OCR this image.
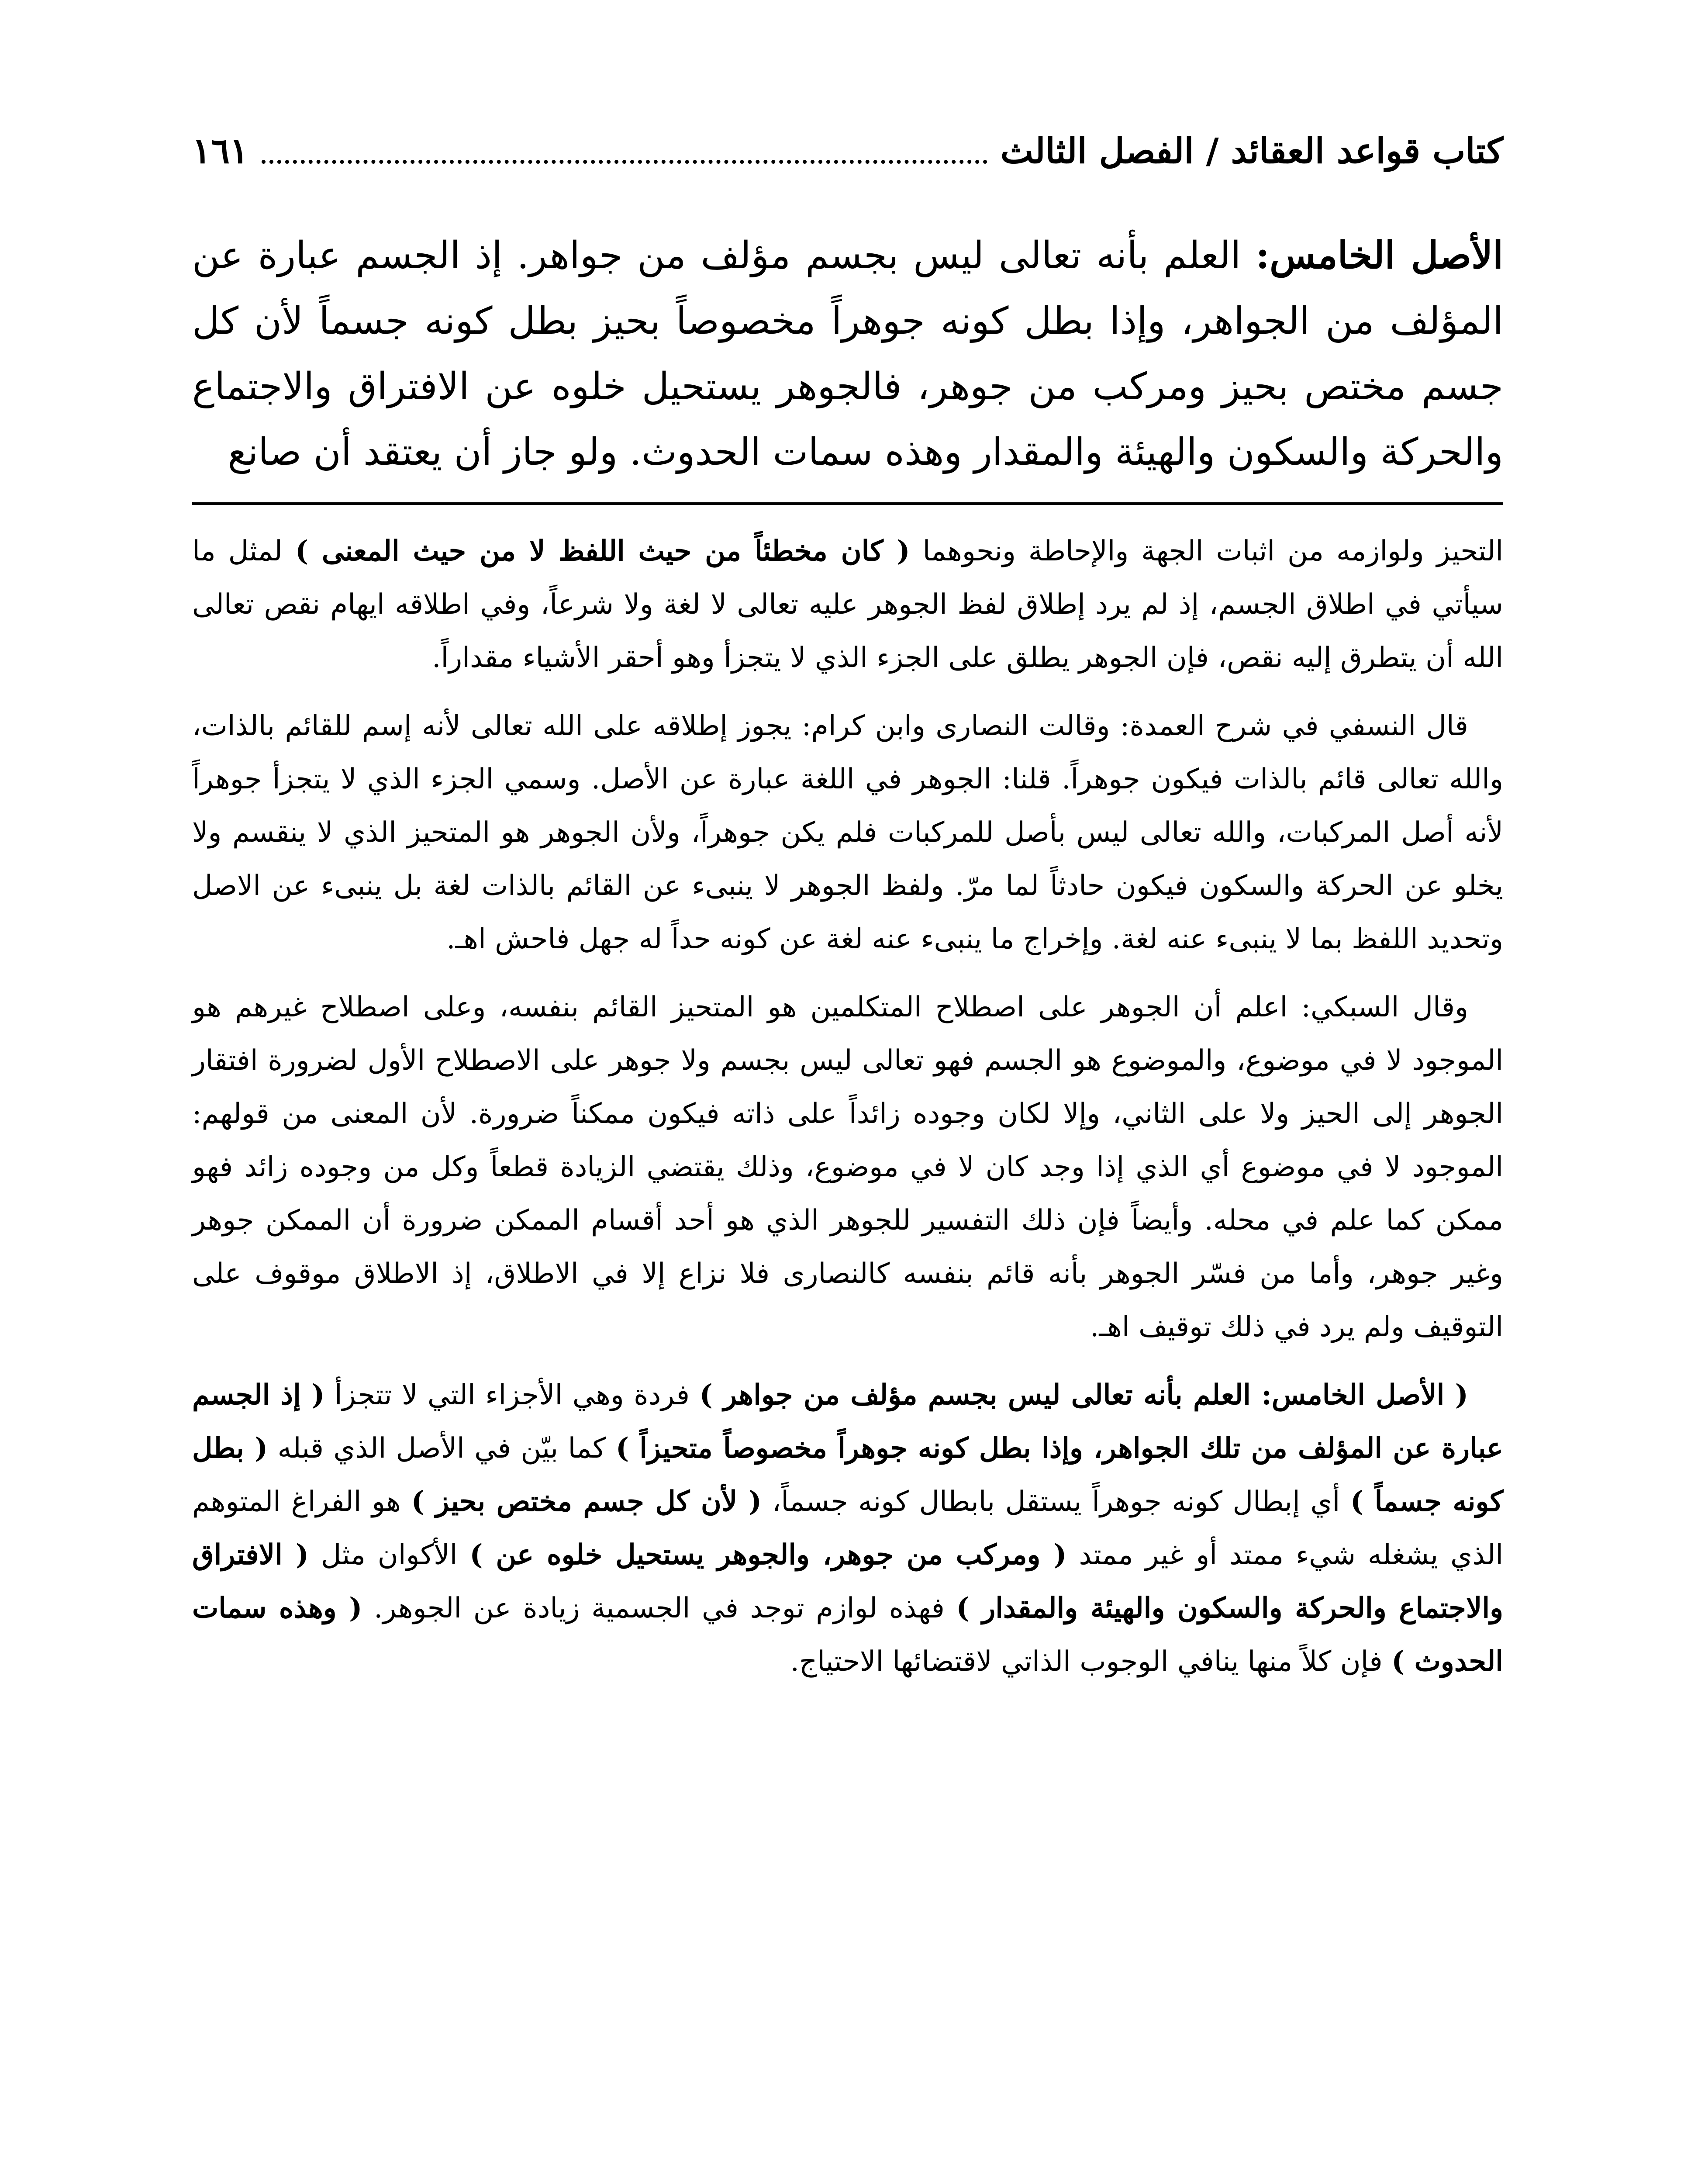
كتاب قواعد العقائد / الفصل الثالث
١٦١
الأصل الخامس: العلم بأنه تعالى ليس بجسم مؤلف من جواهر. إذ الجسم عبارة عن المؤلف من الجواهر، وإذا بطل كونه جوهراً مخصوصاً بحيز بطل كونه جسماً لأن كل جسم مختص بحيز ومركب من جوهر، فالجوهر يستحيل خلوه عن الافتراق والاجتماع والحركة والسكون والهيئة والمقدار وهذه سمات الحدوث. ولو جاز أن يعتقد أن صانع

التحيز ولوازمه من اثبات الجهة والإحاطة ونحوهما ( كان مخطئاً من حيث اللفظ لا من حيث المعنى ) لمثل ما سيأتي في اطلاق الجسم، إذ لم يرد إطلاق لفظ الجوهر عليه تعالى لا لغة ولا شرعاً، وفي اطلاقه ايهام نقص تعالى الله أن يتطرق إليه نقص، فإن الجوهر يطلق على الجزء الذي لا يتجزأ وهو أحقر الأشياء مقداراً.

قال النسفي في شرح العمدة: وقالت النصارى وابن كرام: يجوز إطلاقه على الله تعالى لأنه إسم للقائم بالذات، والله تعالى قائم بالذات فيكون جوهراً. قلنا: الجوهر في اللغة عبارة عن الأصل. وسمي الجزء الذي لا يتجزأ جوهراً لأنه أصل المركبات، والله تعالى ليس بأصل للمركبات فلم يكن جوهراً، ولأن الجوهر هو المتحيز الذي لا ينقسم ولا يخلو عن الحركة والسكون فيكون حادثاً لما مرّ. ولفظ الجوهر لا ينبىء عن القائم بالذات لغة بل ينبىء عن الاصل وتحديد اللفظ بما لا ينبىء عنه لغة. وإخراج ما ينبىء عنه لغة عن كونه حداً له جهل فاحش اهـ.

وقال السبكي: اعلم أن الجوهر على اصطلاح المتكلمين هو المتحيز القائم بنفسه، وعلى اصطلاح غيرهم هو الموجود لا في موضوع، والموضوع هو الجسم فهو تعالى ليس بجسم ولا جوهر على الاصطلاح الأول لضرورة افتقار الجوهر إلى الحيز ولا على الثاني، وإلا لكان وجوده زائداً على ذاته فيكون ممكناً ضرورة. لأن المعنى من قولهم: الموجود لا في موضوع أي الذي إذا وجد كان لا في موضوع، وذلك يقتضي الزيادة قطعاً وكل من وجوده زائد فهو ممكن كما علم في محله. وأيضاً فإن ذلك التفسير للجوهر الذي هو أحد أقسام الممكن ضرورة أن الممكن جوهر وغير جوهر، وأما من فسّر الجوهر بأنه قائم بنفسه كالنصارى فلا نزاع إلا في الاطلاق، إذ الاطلاق موقوف على التوقيف ولم يرد في ذلك توقيف اهـ.

( الأصل الخامس: العلم بأنه تعالى ليس بجسم مؤلف من جواهر ) فردة وهي الأجزاء التي لا تتجزأ ( إذ الجسم عبارة عن المؤلف من تلك الجواهر، وإذا بطل كونه جوهراً مخصوصاً متحيزاً ) كما بيّن في الأصل الذي قبله ( بطل كونه جسماً ) أي إبطال كونه جوهراً يستقل بابطال كونه جسماً، ( لأن كل جسم مختص بحيز ) هو الفراغ المتوهم الذي يشغله شيء ممتد أو غير ممتد ( ومركب من جوهر، والجوهر يستحيل خلوه عن ) الأكوان مثل ( الافتراق والاجتماع والحركة والسكون والهيئة والمقدار ) فهذه لوازم توجد في الجسمية زيادة عن الجوهر. ( وهذه سمات الحدوث ) فإن كلاً منها ينافي الوجوب الذاتي لاقتضائها الاحتياج.
